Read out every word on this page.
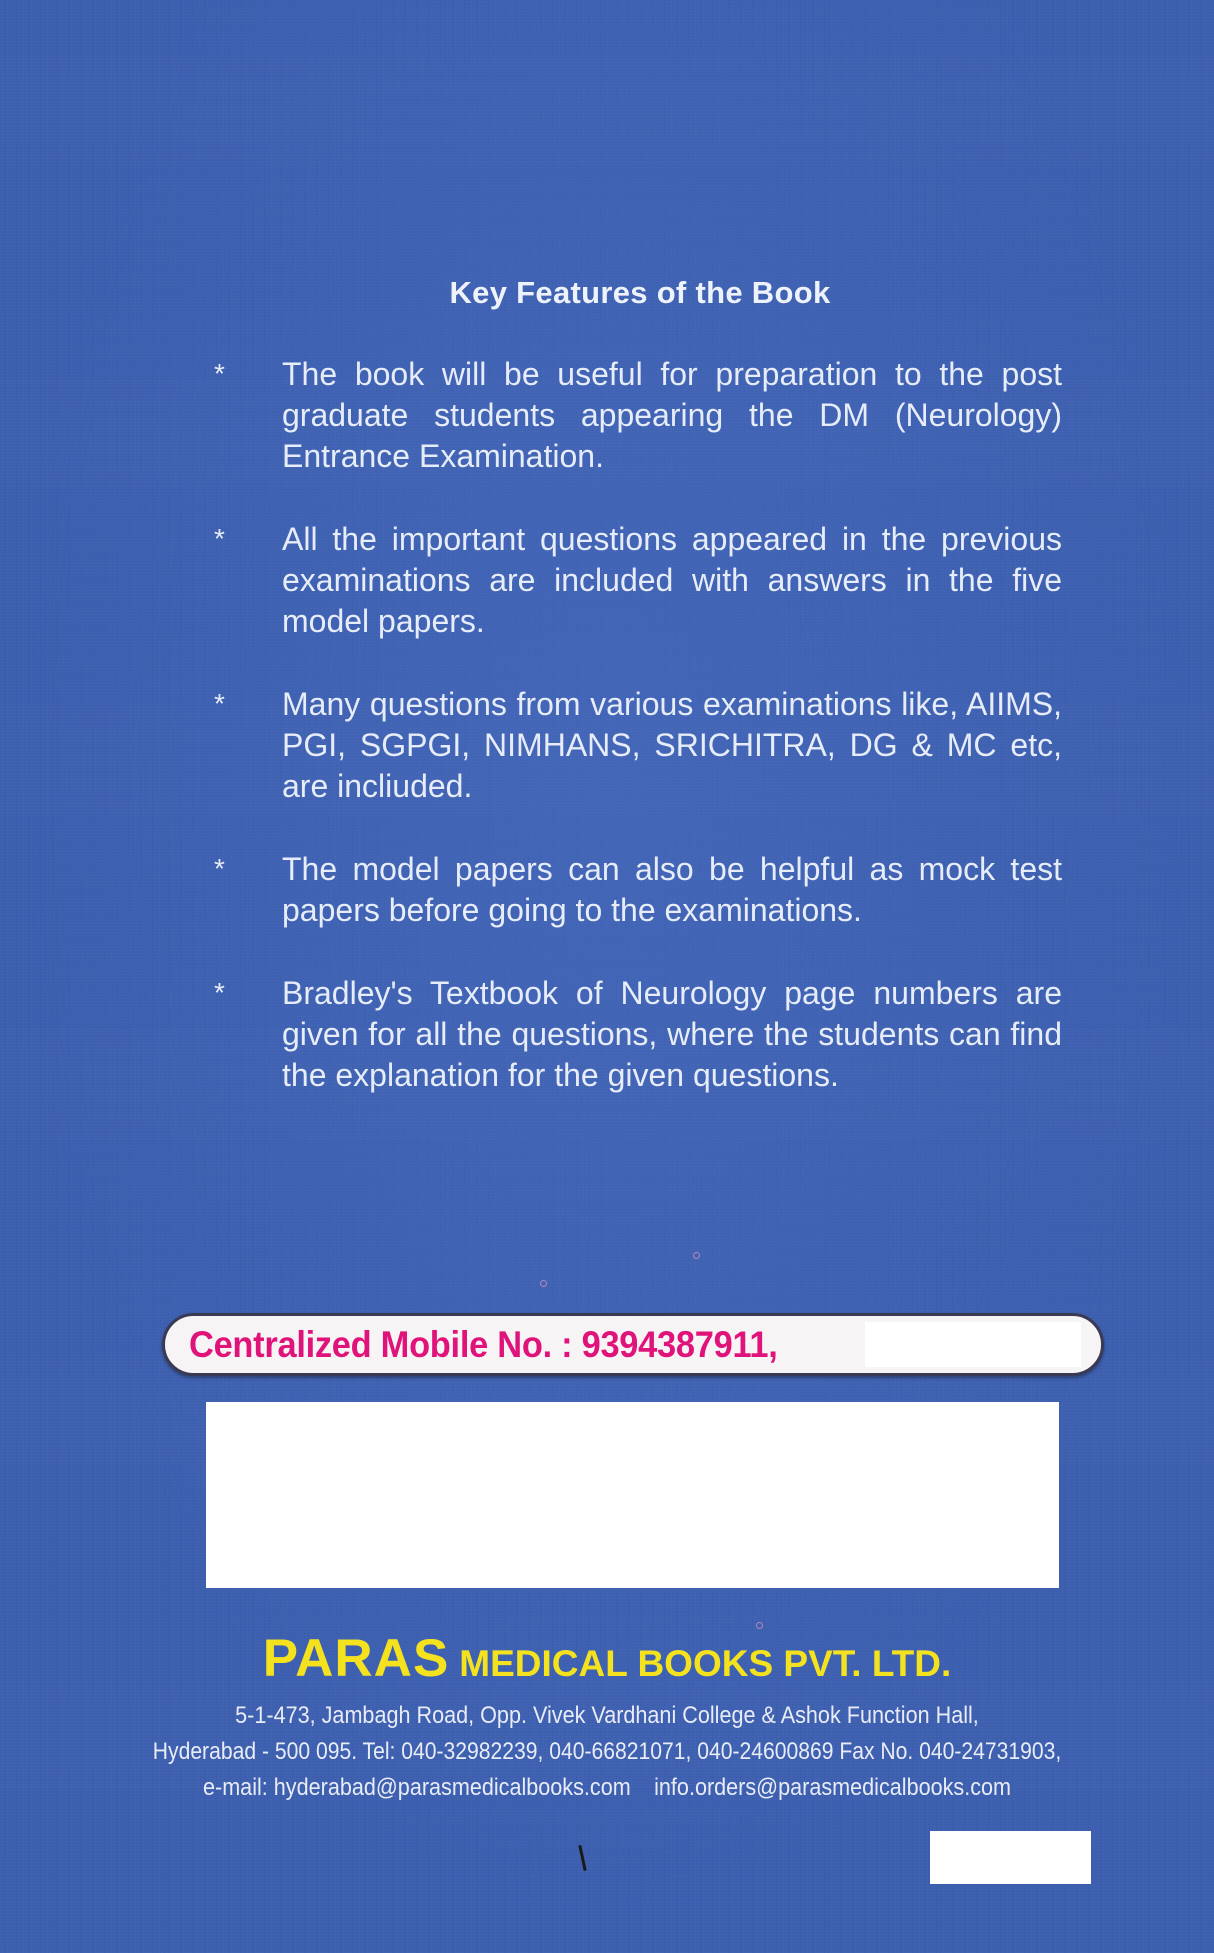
Key Features of the Book
* The book will be useful for preparation to the post graduate students appearing the DM (Neurology) Entrance Examination.
* All the important questions appeared in the previous examinations are included with answers in the five model papers.
* Many questions from various examinations like, AIIMS, PGI, SGPGI, NIMHANS, SRICHITRA, DG & MC etc, are incliuded.
* The model papers can also be helpful as mock test papers before going to the examinations.
* Bradley's Textbook of Neurology page numbers are given for all the questions, where the students can find the explanation for the given questions.
Centralized Mobile No. : 9394387911,
PARAS MEDICAL BOOKS PVT. LTD.
5-1-473, Jambagh Road, Opp. Vivek Vardhani College & Ashok Function Hall,
Hyderabad - 500 095. Tel: 040-32982239, 040-66821071, 040-24600869 Fax No. 040-24731903,
e-mail: hyderabad@parasmedicalbooks.com info.orders@parasmedicalbooks.com
